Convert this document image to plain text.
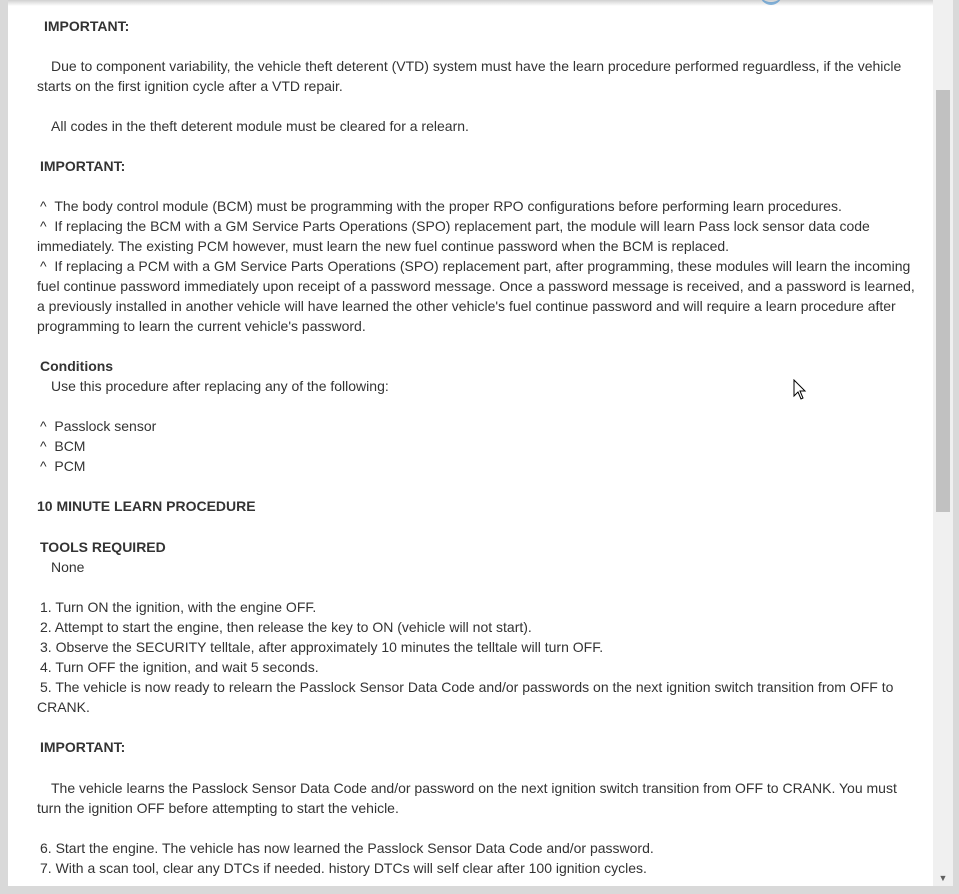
IMPORTANT:

Due to component variability, the vehicle theft deterent (VTD) system must have the learn procedure performed reguardless, if the vehicle starts on the first ignition cycle after a VTD repair.

All codes in the theft deterent module must be cleared for a relearn.

IMPORTANT:

^  The body control module (BCM) must be programming with the proper RPO configurations before performing learn procedures.

^  If replacing the BCM with a GM Service Parts Operations (SPO) replacement part, the module will learn Pass lock sensor data code immediately. The existing PCM however, must learn the new fuel continue password when the BCM is replaced.

^  If replacing a PCM with a GM Service Parts Operations (SPO) replacement part, after programming, these modules will learn the incoming fuel continue password immediately upon receipt of a password message. Once a password message is received, and a password is learned, a previously installed in another vehicle will have learned the other vehicle's fuel continue password and will require a learn procedure after programming to learn the current vehicle's password.

Conditions

Use this procedure after replacing any of the following:

^  Passlock sensor

^  BCM

^  PCM

10 MINUTE LEARN PROCEDURE

TOOLS REQUIRED

None

1. Turn ON the ignition, with the engine OFF.

2. Attempt to start the engine, then release the key to ON (vehicle will not start).

3. Observe the SECURITY telltale, after approximately 10 minutes the telltale will turn OFF.

4. Turn OFF the ignition, and wait 5 seconds.

5. The vehicle is now ready to relearn the Passlock Sensor Data Code and/or passwords on the next ignition switch transition from OFF to CRANK.

IMPORTANT:

The vehicle learns the Passlock Sensor Data Code and/or password on the next ignition switch transition from OFF to CRANK. You must turn the ignition OFF before attempting to start the vehicle.

6. Start the engine. The vehicle has now learned the Passlock Sensor Data Code and/or password.

7. With a scan tool, clear any DTCs if needed. history DTCs will self clear after 100 ignition cycles.

▼
